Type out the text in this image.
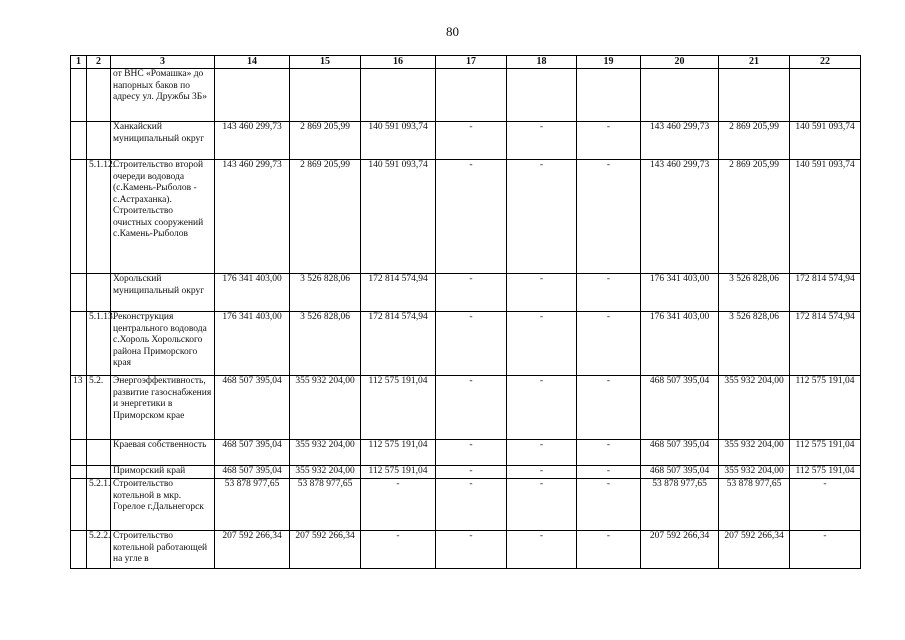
80
1	2	3	14	15	16	17	18	19	20	21	22
		от ВНС «Ромашка» до напорных баков по адресу ул. Дружбы 3Б»									
		Ханкайский муниципальный округ	143 460 299,73	2 869 205,99	140 591 093,74	-	-	-	143 460 299,73	2 869 205,99	140 591 093,74
	5.1.12.	Строительство второй очереди водовода (с.Камень-Рыболов - с.Астраханка). Строительство очистных сооружений с.Камень-Рыболов	143 460 299,73	2 869 205,99	140 591 093,74	-	-	-	143 460 299,73	2 869 205,99	140 591 093,74
		Хорольский муниципальный округ	176 341 403,00	3 526 828,06	172 814 574,94	-	-	-	176 341 403,00	3 526 828,06	172 814 574,94
	5.1.13.	Реконструкция центрального водовода с.Хороль Хорольского района Приморского края	176 341 403,00	3 526 828,06	172 814 574,94	-	-	-	176 341 403,00	3 526 828,06	172 814 574,94
13	5.2.	Энергоэффективность, развитие газоснабжения и энергетики в Приморском крае	468 507 395,04	355 932 204,00	112 575 191,04	-	-	-	468 507 395,04	355 932 204,00	112 575 191,04
		Краевая собственность	468 507 395,04	355 932 204,00	112 575 191,04	-	-	-	468 507 395,04	355 932 204,00	112 575 191,04
		Приморский край	468 507 395,04	355 932 204,00	112 575 191,04	-	-	-	468 507 395,04	355 932 204,00	112 575 191,04
	5.2.1.	Строительство котельной в мкр. Горелое г.Дальнегорск	53 878 977,65	53 878 977,65	-	-	-	-	53 878 977,65	53 878 977,65	-
	5.2.2.	Строительство котельной работающей на угле в	207 592 266,34	207 592 266,34	-	-	-	-	207 592 266,34	207 592 266,34	-
